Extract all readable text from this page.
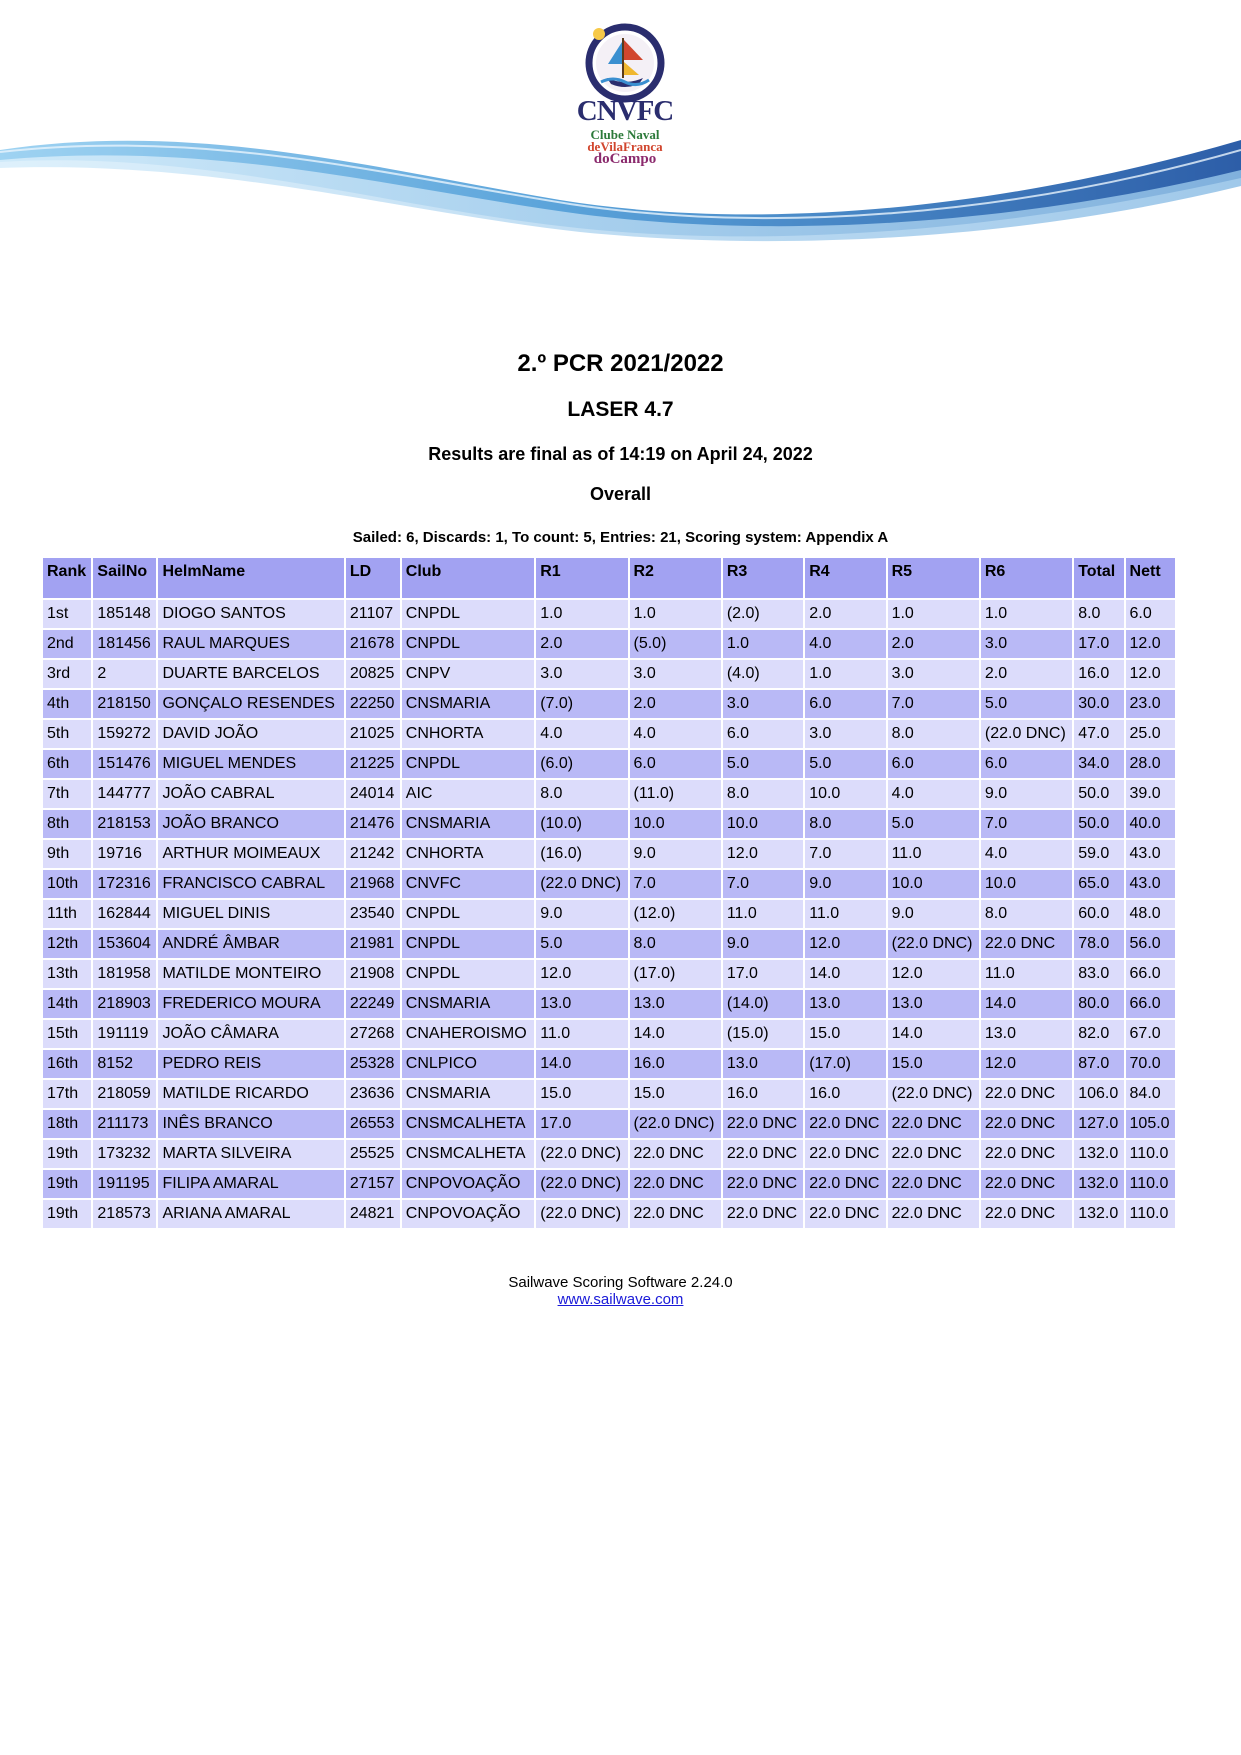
CNVFC
Clube Naval
deVilaFranca
doCampo
2.º PCR 2021/2022
LASER 4.7
Results are final as of 14:19 on April 24, 2022
Overall
Sailed: 6, Discards: 1, To count: 5, Entries: 21, Scoring system: Appendix A
Rank	SailNo	HelmName	LD	Club	R1	R2	R3	R4	R5	R6	Total	Nett
1st	185148	DIOGO SANTOS	21107	CNPDL	1.0	1.0	(2.0)	2.0	1.0	1.0	8.0	6.0
2nd	181456	RAUL MARQUES	21678	CNPDL	2.0	(5.0)	1.0	4.0	2.0	3.0	17.0	12.0
3rd	2	DUARTE BARCELOS	20825	CNPV	3.0	3.0	(4.0)	1.0	3.0	2.0	16.0	12.0
4th	218150	GONÇALO RESENDES	22250	CNSMARIA	(7.0)	2.0	3.0	6.0	7.0	5.0	30.0	23.0
5th	159272	DAVID JOÃO	21025	CNHORTA	4.0	4.0	6.0	3.0	8.0	(22.0 DNC)	47.0	25.0
6th	151476	MIGUEL MENDES	21225	CNPDL	(6.0)	6.0	5.0	5.0	6.0	6.0	34.0	28.0
7th	144777	JOÃO CABRAL	24014	AIC	8.0	(11.0)	8.0	10.0	4.0	9.0	50.0	39.0
8th	218153	JOÃO BRANCO	21476	CNSMARIA	(10.0)	10.0	10.0	8.0	5.0	7.0	50.0	40.0
9th	19716	ARTHUR MOIMEAUX	21242	CNHORTA	(16.0)	9.0	12.0	7.0	11.0	4.0	59.0	43.0
10th	172316	FRANCISCO CABRAL	21968	CNVFC	(22.0 DNC)	7.0	7.0	9.0	10.0	10.0	65.0	43.0
11th	162844	MIGUEL DINIS	23540	CNPDL	9.0	(12.0)	11.0	11.0	9.0	8.0	60.0	48.0
12th	153604	ANDRÉ ÂMBAR	21981	CNPDL	5.0	8.0	9.0	12.0	(22.0 DNC)	22.0 DNC	78.0	56.0
13th	181958	MATILDE MONTEIRO	21908	CNPDL	12.0	(17.0)	17.0	14.0	12.0	11.0	83.0	66.0
14th	218903	FREDERICO MOURA	22249	CNSMARIA	13.0	13.0	(14.0)	13.0	13.0	14.0	80.0	66.0
15th	191119	JOÃO CÂMARA	27268	CNAHEROISMO	11.0	14.0	(15.0)	15.0	14.0	13.0	82.0	67.0
16th	8152	PEDRO REIS	25328	CNLPICO	14.0	16.0	13.0	(17.0)	15.0	12.0	87.0	70.0
17th	218059	MATILDE RICARDO	23636	CNSMARIA	15.0	15.0	16.0	16.0	(22.0 DNC)	22.0 DNC	106.0	84.0
18th	211173	INÊS BRANCO	26553	CNSMCALHETA	17.0	(22.0 DNC)	22.0 DNC	22.0 DNC	22.0 DNC	22.0 DNC	127.0	105.0
19th	173232	MARTA SILVEIRA	25525	CNSMCALHETA	(22.0 DNC)	22.0 DNC	22.0 DNC	22.0 DNC	22.0 DNC	22.0 DNC	132.0	110.0
19th	191195	FILIPA AMARAL	27157	CNPOVOAÇÃO	(22.0 DNC)	22.0 DNC	22.0 DNC	22.0 DNC	22.0 DNC	22.0 DNC	132.0	110.0
19th	218573	ARIANA AMARAL	24821	CNPOVOAÇÃO	(22.0 DNC)	22.0 DNC	22.0 DNC	22.0 DNC	22.0 DNC	22.0 DNC	132.0	110.0
Sailwave Scoring Software 2.24.0
www.sailwave.com
